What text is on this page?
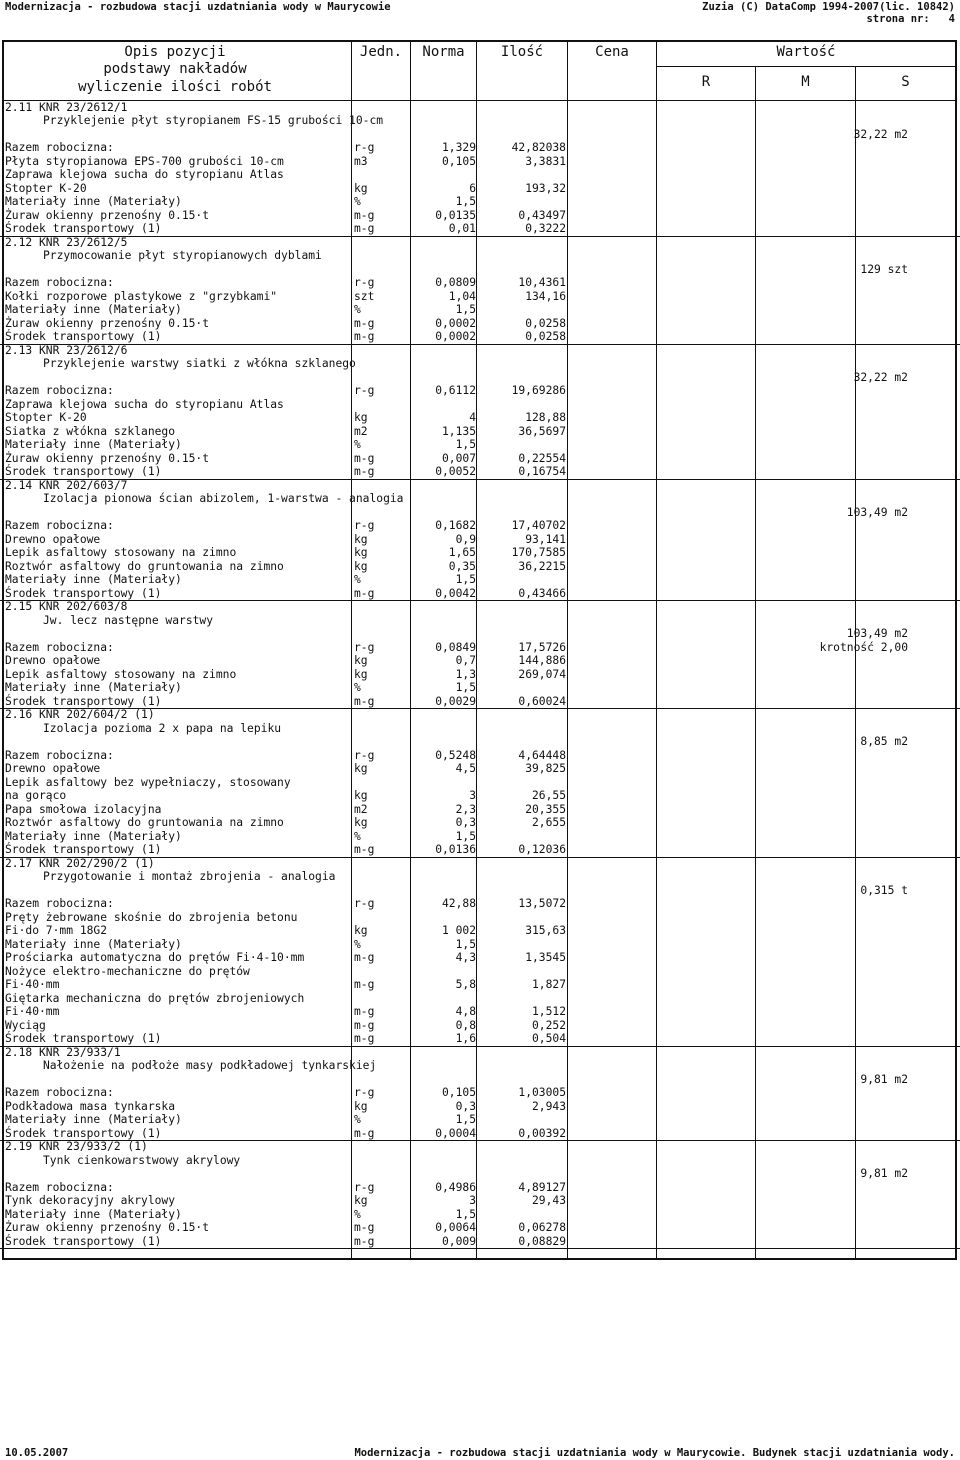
Modernizacja - rozbudowa stacji uzdatniania wody w Maurycowie	Zuzia (C) DataComp 1994-2007(lic. 10842)
strona nr:   4
Opis pozycji
podstawy nakładów
wyliczenie ilości robót
Jedn.	Norma	Ilość	Cena	Wartość
R	M	S
2.11 KNR 23/2612/1
Przyklejenie płyt styropianem FS-15 grubości 10-cm
32,22 m2
Razem robocizna:	r-g	1,329	42,82038
Płyta styropianowa EPS-700 grubości 10-cm	m3	0,105	3,3831
Zaprawa klejowa sucha do styropianu Atlas
Stopter K-20	kg	6	193,32
Materiały inne (Materiały)	%	1,5
Żuraw okienny przenośny 0.15·t	m-g	0,0135	0,43497
Środek transportowy (1)	m-g	0,01	0,3222
2.12 KNR 23/2612/5
Przymocowanie płyt styropianowych dyblami
129 szt
Razem robocizna:	r-g	0,0809	10,4361
Kołki rozporowe plastykowe z "grzybkami"	szt	1,04	134,16
Materiały inne (Materiały)	%	1,5
Żuraw okienny przenośny 0.15·t	m-g	0,0002	0,0258
Środek transportowy (1)	m-g	0,0002	0,0258
2.13 KNR 23/2612/6
Przyklejenie warstwy siatki z włókna szklanego
32,22 m2
Razem robocizna:	r-g	0,6112	19,69286
Zaprawa klejowa sucha do styropianu Atlas
Stopter K-20	kg	4	128,88
Siatka z włókna szklanego	m2	1,135	36,5697
Materiały inne (Materiały)	%	1,5
Żuraw okienny przenośny 0.15·t	m-g	0,007	0,22554
Środek transportowy (1)	m-g	0,0052	0,16754
2.14 KNR 202/603/7
Izolacja pionowa ścian abizolem, 1-warstwa - analogia
103,49 m2
Razem robocizna:	r-g	0,1682	17,40702
Drewno opałowe	kg	0,9	93,141
Lepik asfaltowy stosowany na zimno	kg	1,65	170,7585
Roztwór asfaltowy do gruntowania na zimno	kg	0,35	36,2215
Materiały inne (Materiały)	%	1,5
Środek transportowy (1)	m-g	0,0042	0,43466
2.15 KNR 202/603/8
Jw. lecz następne warstwy
103,49 m2
krotność 2,00
Razem robocizna:	r-g	0,0849	17,5726
Drewno opałowe	kg	0,7	144,886
Lepik asfaltowy stosowany na zimno	kg	1,3	269,074
Materiały inne (Materiały)	%	1,5
Środek transportowy (1)	m-g	0,0029	0,60024
2.16 KNR 202/604/2 (1)
Izolacja pozioma 2 x papa na lepiku
8,85 m2
Razem robocizna:	r-g	0,5248	4,64448
Drewno opałowe	kg	4,5	39,825
Lepik asfaltowy bez wypełniaczy, stosowany
na gorąco	kg	3	26,55
Papa smołowa izolacyjna	m2	2,3	20,355
Roztwór asfaltowy do gruntowania na zimno	kg	0,3	2,655
Materiały inne (Materiały)	%	1,5
Środek transportowy (1)	m-g	0,0136	0,12036
2.17 KNR 202/290/2 (1)
Przygotowanie i montaż zbrojenia - analogia
0,315 t
Razem robocizna:	r-g	42,88	13,5072
Pręty żebrowane skośnie do zbrojenia betonu
Fi·do 7·mm 18G2	kg	1 002	315,63
Materiały inne (Materiały)	%	1,5
Prościarka automatyczna do prętów Fi·4-10·mm	m-g	4,3	1,3545
Nożyce elektro-mechaniczne do prętów
Fi·40·mm	m-g	5,8	1,827
Giętarka mechaniczna do prętów zbrojeniowych
Fi·40·mm	m-g	4,8	1,512
Wyciąg	m-g	0,8	0,252
Środek transportowy (1)	m-g	1,6	0,504
2.18 KNR 23/933/1
Nałożenie na podłoże masy podkładowej tynkarskiej
9,81 m2
Razem robocizna:	r-g	0,105	1,03005
Podkładowa masa tynkarska	kg	0,3	2,943
Materiały inne (Materiały)	%	1,5
Środek transportowy (1)	m-g	0,0004	0,00392
2.19 KNR 23/933/2 (1)
Tynk cienkowarstwowy akrylowy
9,81 m2
Razem robocizna:	r-g	0,4986	4,89127
Tynk dekoracyjny akrylowy	kg	3	29,43
Materiały inne (Materiały)	%	1,5
Żuraw okienny przenośny 0.15·t	m-g	0,0064	0,06278
Środek transportowy (1)	m-g	0,009	0,08829
10.05.2007	Modernizacja - rozbudowa stacji uzdatniania wody w Maurycowie. Budynek stacji uzdatniania wody.
